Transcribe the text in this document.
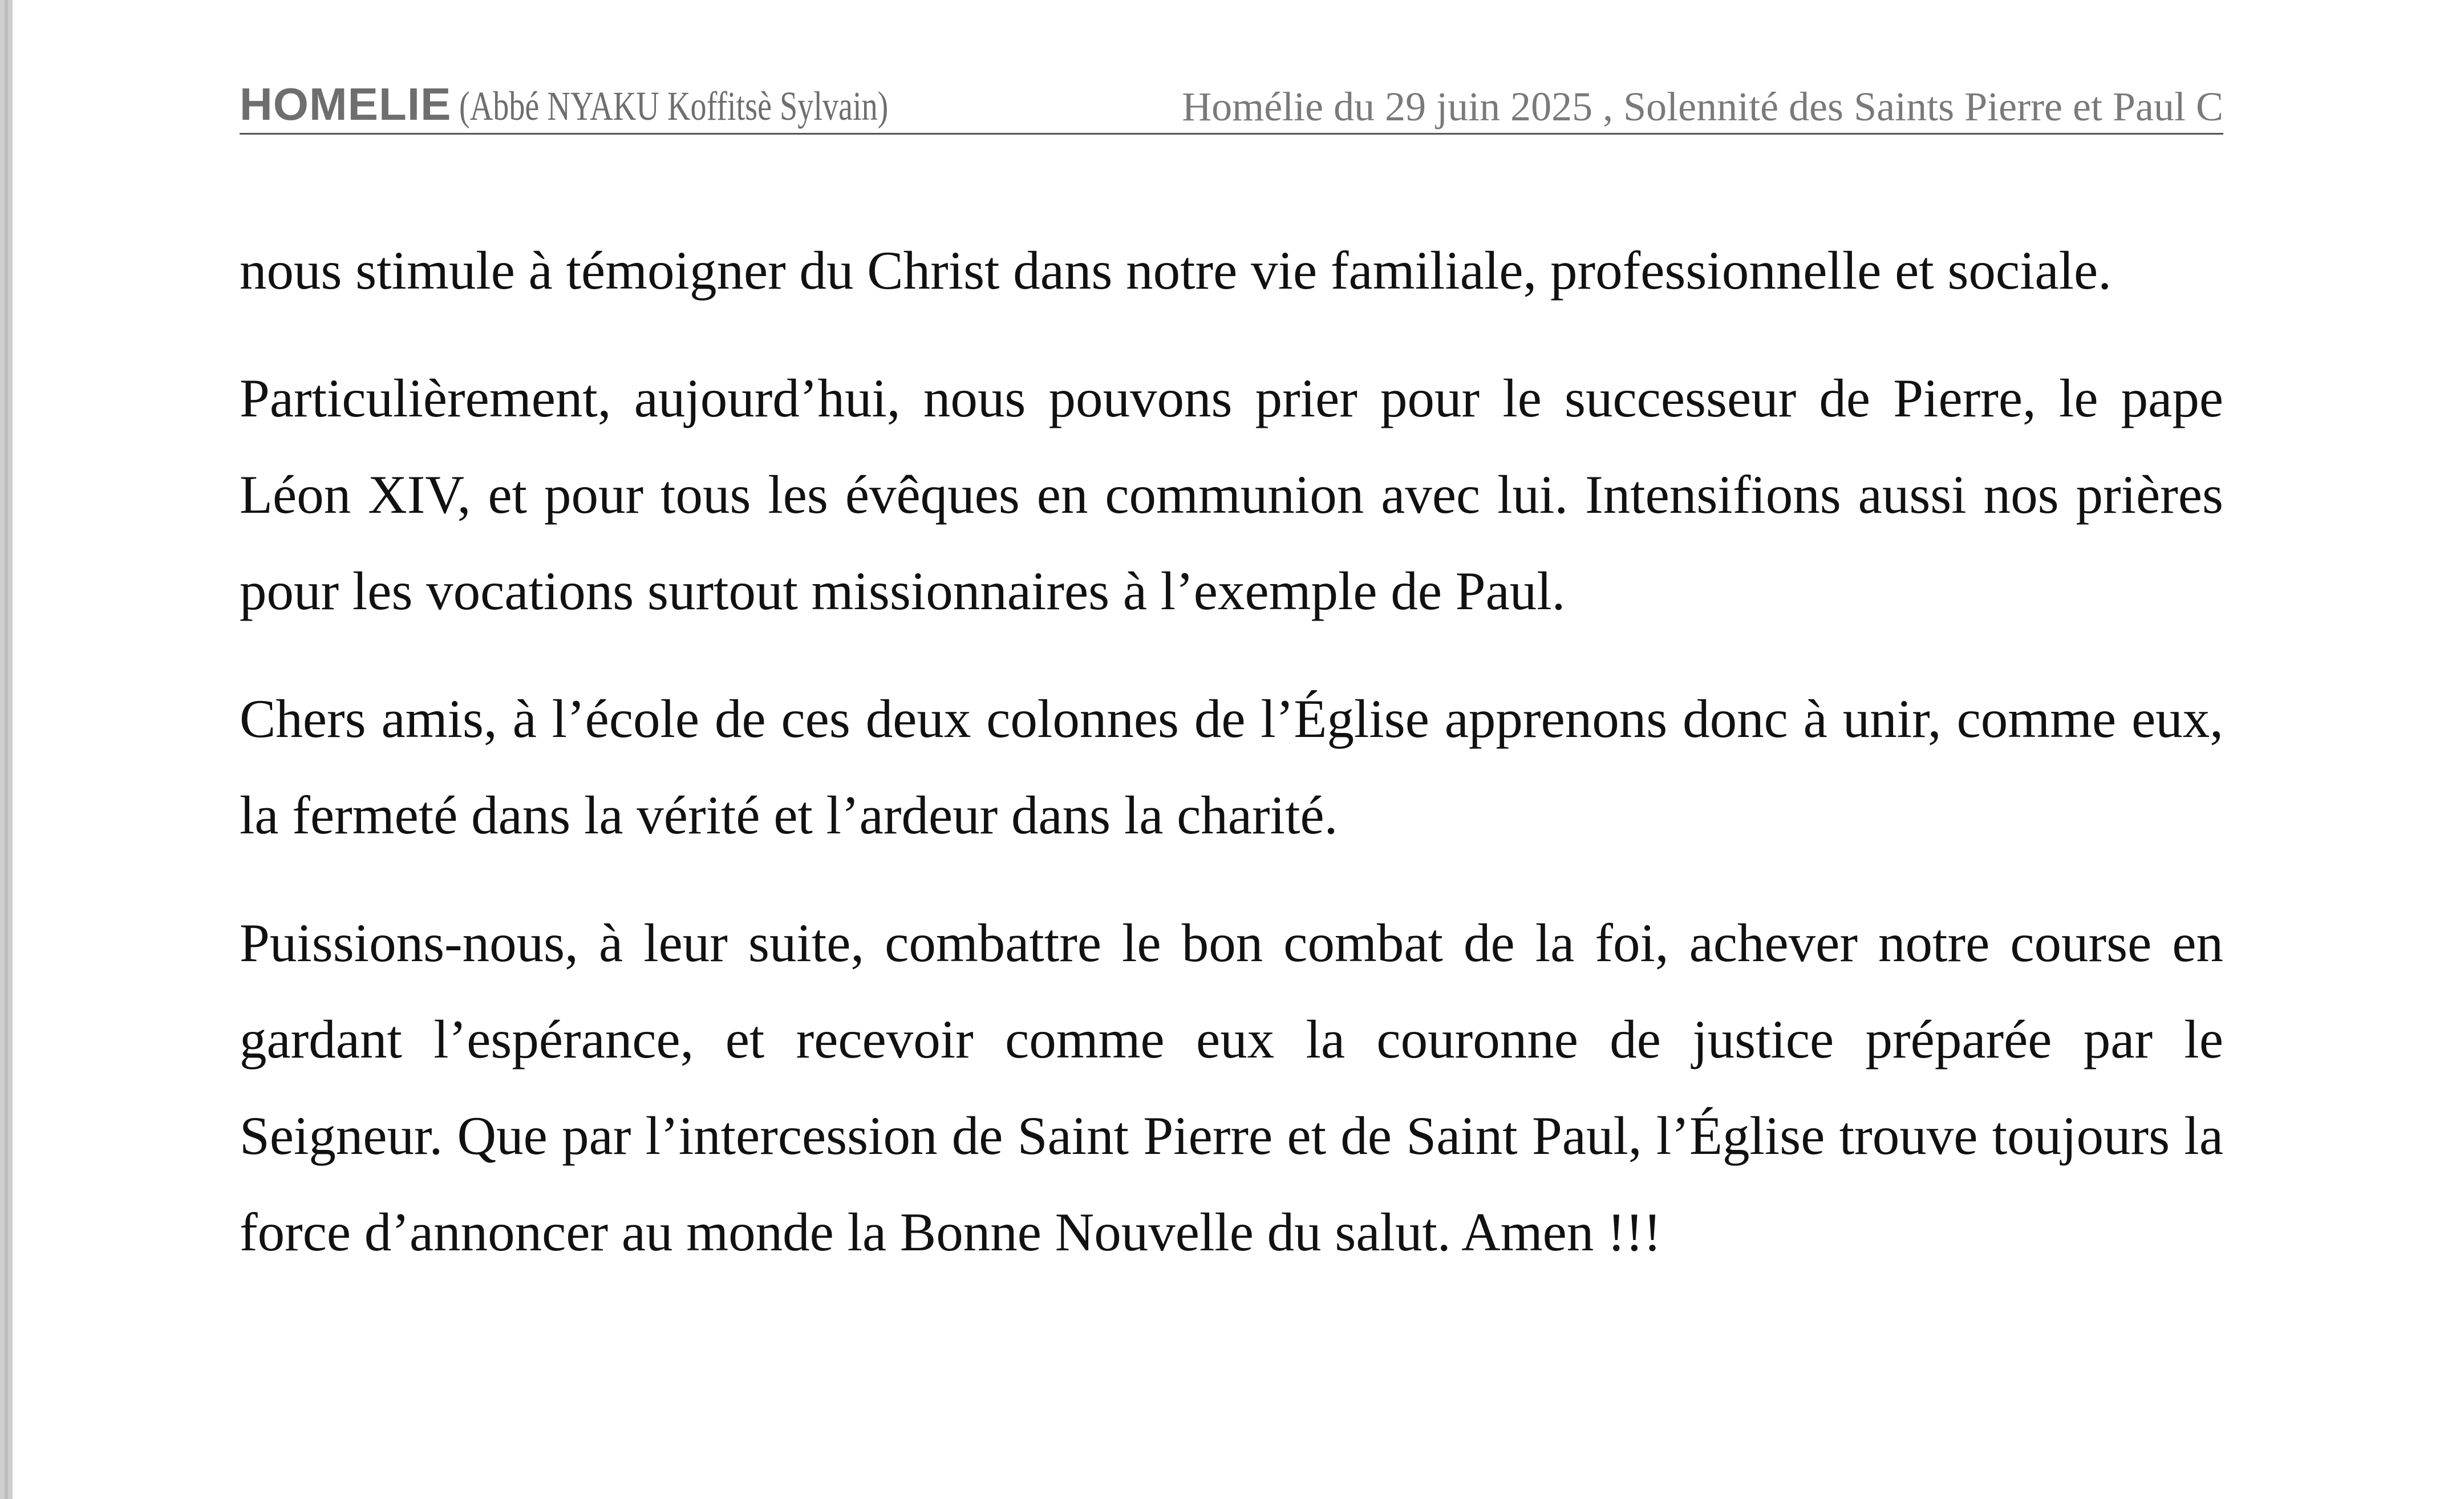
HOMELIE (Abbé NYAKU Koffitsè Sylvain)	Homélie du 29 juin 2025 , Solennité des Saints Pierre et Paul C

nous stimule à témoigner du Christ dans notre vie familiale, professionnelle et sociale.

Particulièrement, aujourd’hui, nous pouvons prier pour le successeur de Pierre, le pape Léon XIV, et pour tous les évêques en communion avec lui. Intensifions aussi nos prières pour les vocations surtout missionnaires à l’exemple de Paul.

Chers amis, à l’école de ces deux colonnes de l’Église apprenons donc à unir, comme eux, la fermeté dans la vérité et l’ardeur dans la charité.

Puissions-nous, à leur suite, combattre le bon combat de la foi, achever notre course en gardant l’espérance, et recevoir comme eux la couronne de justice préparée par le Seigneur. Que par l’intercession de Saint Pierre et de Saint Paul, l’Église trouve toujours la force d’annoncer au monde la Bonne Nouvelle du salut. Amen !!!
